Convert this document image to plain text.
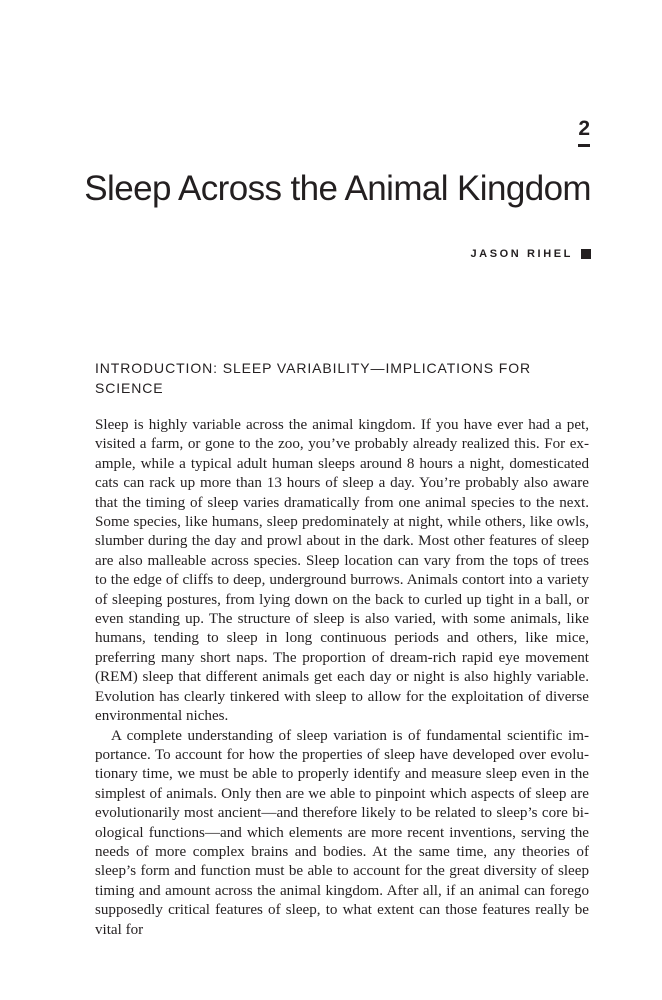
2
Sleep Across the Animal Kingdom
JASON RIHEL
INTRODUCTION: SLEEP VARIABILITY—IMPLICATIONS FOR SCIENCE

Sleep is highly variable across the animal kingdom. If you have ever had a pet, visited a farm, or gone to the zoo, you’ve probably already realized this. For example, while a typical adult human sleeps around 8 hours a night, domesticated cats can rack up more than 13 hours of sleep a day. You’re probably also aware that the timing of sleep varies dramatically from one animal species to the next. Some species, like humans, sleep predominately at night, while others, like owls, slumber during the day and prowl about in the dark. Most other features of sleep are also malleable across species. Sleep location can vary from the tops of trees to the edge of cliffs to deep, underground burrows. Animals contort into a variety of sleeping postures, from lying down on the back to curled up tight in a ball, or even standing up. The structure of sleep is also varied, with some animals, like humans, tending to sleep in long continuous periods and others, like mice, preferring many short naps. The proportion of dream-rich rapid eye movement (REM) sleep that different animals get each day or night is also highly variable. Evolution has clearly tinkered with sleep to allow for the exploitation of diverse environmental niches.

A complete understanding of sleep variation is of fundamental scientific importance. To account for how the properties of sleep have developed over evolutionary time, we must be able to properly identify and measure sleep even in the simplest of animals. Only then are we able to pinpoint which aspects of sleep are evolutionarily most ancient—and therefore likely to be related to sleep’s core biological functions—and which elements are more recent inventions, serving the needs of more complex brains and bodies. At the same time, any theories of sleep’s form and function must be able to account for the great diversity of sleep timing and amount across the animal kingdom. After all, if an animal can forego supposedly critical features of sleep, to what extent can those features really be vital for
